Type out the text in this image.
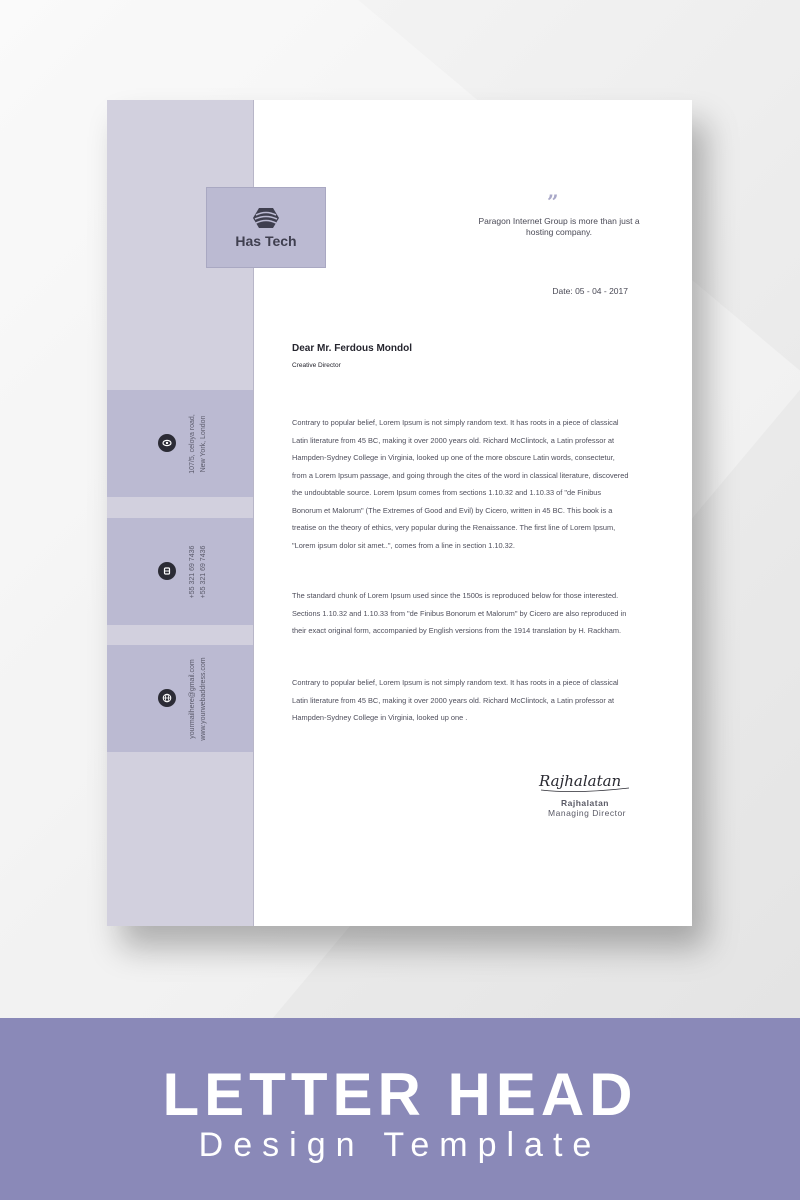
Has Tech
107/5, celoya road, New York, London
+55 321 69 7436 +55 321 69 7436
yourmailhere@gmail.com www.yourwebaddress.com
”
Paragon Internet Group is more than just a hosting company.
Date: 05 - 04 - 2017
Dear Mr. Ferdous Mondol
Creative Director

Contrary to popular belief, Lorem Ipsum is not simply random text. It has roots in a piece of classical Latin literature from 45 BC, making it over 2000 years old. Richard McClintock, a Latin professor at Hampden-Sydney College in Virginia, looked up one of the more obscure Latin words, consectetur, from a Lorem Ipsum passage, and going through the cites of the word in classical literature, discovered the undoubtable source. Lorem Ipsum comes from sections 1.10.32 and 1.10.33 of "de Finibus Bonorum et Malorum" (The Extremes of Good and Evil) by Cicero, written in 45 BC. This book is a treatise on the theory of ethics, very popular during the Renaissance. The first line of Lorem Ipsum, "Lorem ipsum dolor sit amet..", comes from a line in section 1.10.32.

The standard chunk of Lorem Ipsum used since the 1500s is reproduced below for those interested. Sections 1.10.32 and 1.10.33 from "de Finibus Bonorum et Malorum" by Cicero are also reproduced in their exact original form, accompanied by English versions from the 1914 translation by H. Rackham.

Contrary to popular belief, Lorem Ipsum is not simply random text. It has roots in a piece of classical Latin literature from 45 BC, making it over 2000 years old. Richard McClintock, a Latin professor at Hampden-Sydney College in Virginia, looked up one .

Rajhalatan
Rajhalatan
Managing Director
LETTER HEAD
Design Template
